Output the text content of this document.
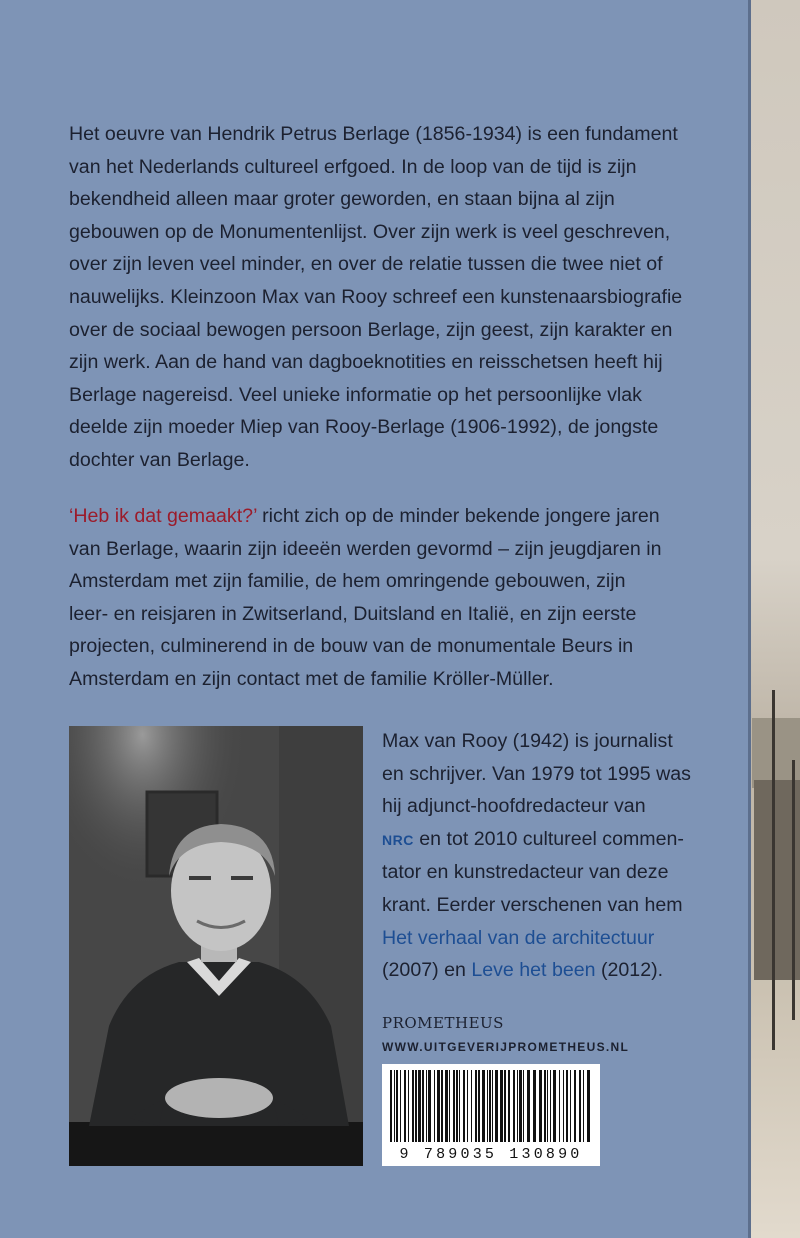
Het oeuvre van Hendrik Petrus Berlage (1856-1934) is een fundament
van het Nederlands cultureel erfgoed. In de loop van de tijd is zijn
bekendheid alleen maar groter geworden, en staan bijna al zijn
gebouwen op de Monumentenlijst. Over zijn werk is veel geschreven,
over zijn leven veel minder, en over de relatie tussen die twee niet of
nauwelijks. Kleinzoon Max van Rooy schreef een kunstenaarsbiografie
over de sociaal bewogen persoon Berlage, zijn geest, zijn karakter en
zijn werk. Aan de hand van dagboeknotities en reisschetsen heeft hij
Berlage nagereisd. Veel unieke informatie op het persoonlijke vlak
deelde zijn moeder Miep van Rooy-Berlage (1906-1992), de jongste
dochter van Berlage.

‘Heb ik dat gemaakt?’ richt zich op de minder bekende jongere jaren
van Berlage, waarin zijn ideeën werden gevormd – zijn jeugdjaren in
Amsterdam met zijn familie, de hem omringende gebouwen, zijn
leer- en reisjaren in Zwitserland, Duitsland en Italië, en zijn eerste
projecten, culminerend in de bouw van de monumentale Beurs in
Amsterdam en zijn contact met de familie Kröller-Müller.

Max van Rooy (1942) is journalist
en schrijver. Van 1979 tot 1995 was
hij adjunct-hoofdredacteur van
NRC en tot 2010 cultureel commen-
tator en kunstredacteur van deze
krant. Eerder verschenen van hem
Het verhaal van de architectuur
(2007) en Leve het been (2012).
PROMETHEUS
WWW.UITGEVERIJPROMETHEUS.NL
9 789035 130890
